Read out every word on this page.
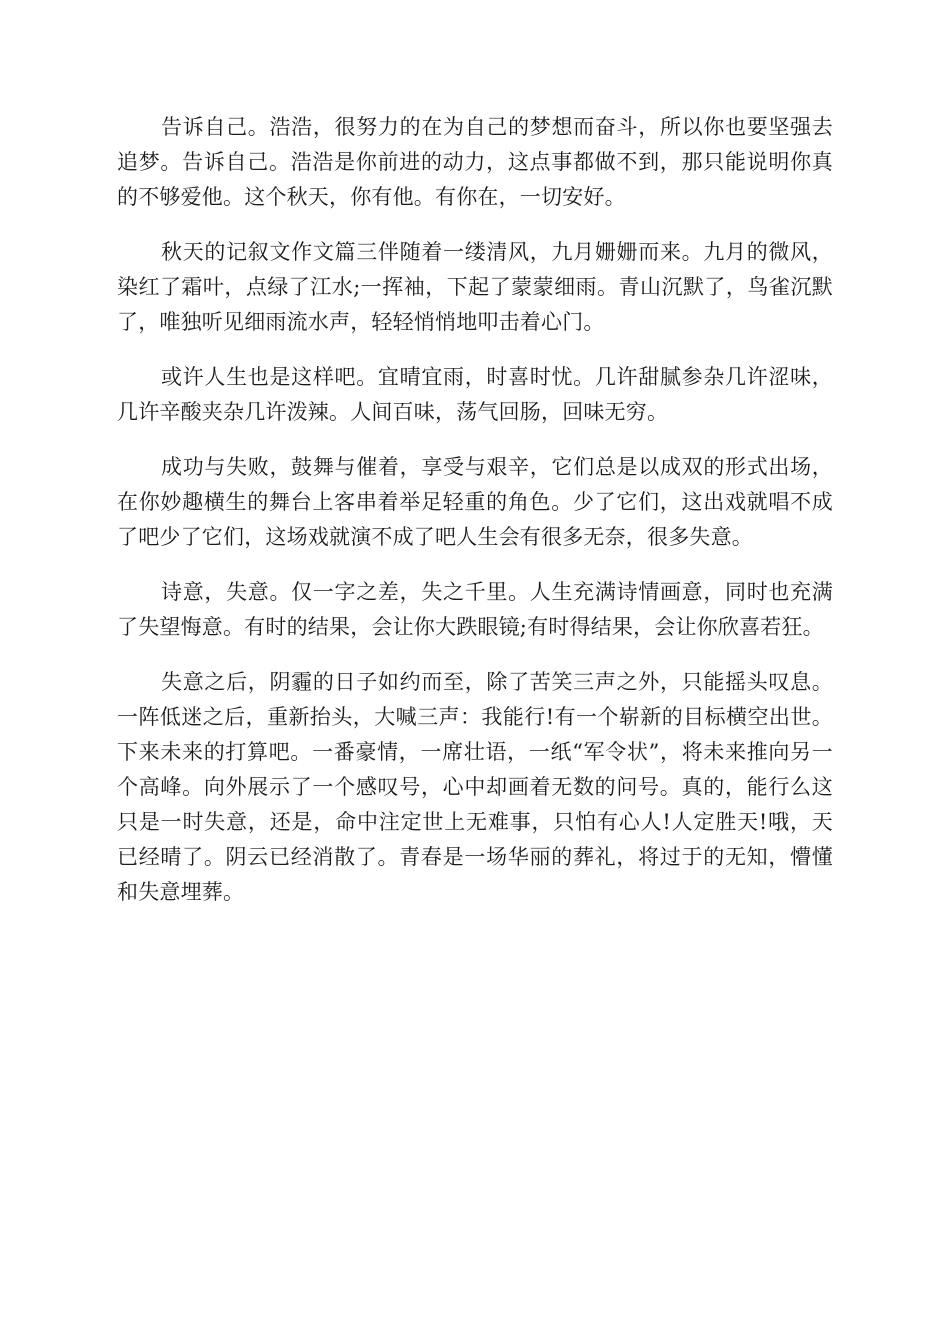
告诉自己。浩浩，很努力的在为自己的梦想而奋斗，所以你也要坚强去追梦。告诉自己。浩浩是你前进的动力，这点事都做不到，那只能说明你真的不够爱他。这个秋天，你有他。有你在，一切安好。

秋天的记叙文作文篇三伴随着一缕清风，九月姗姗而来。九月的微风，染红了霜叶，点绿了江水;一挥袖，下起了蒙蒙细雨。青山沉默了，鸟雀沉默了，唯独听见细雨流水声，轻轻悄悄地叩击着心门。

或许人生也是这样吧。宜晴宜雨，时喜时忧。几许甜腻参杂几许涩味，几许辛酸夹杂几许泼辣。人间百味，荡气回肠，回味无穷。

成功与失败，鼓舞与催着，享受与艰辛，它们总是以成双的形式出场，在你妙趣横生的舞台上客串着举足轻重的角色。少了它们，这出戏就唱不成了吧少了它们，这场戏就演不成了吧人生会有很多无奈，很多失意。

诗意，失意。仅一字之差，失之千里。人生充满诗情画意，同时也充满了失望悔意。有时的结果，会让你大跌眼镜;有时得结果，会让你欣喜若狂。

失意之后，阴霾的日子如约而至，除了苦笑三声之外，只能摇头叹息。一阵低迷之后，重新抬头，大喊三声：我能行!有一个崭新的目标横空出世。下来未来的打算吧。一番豪情，一席壮语，一纸“军令状”，将未来推向另一个高峰。向外展示了一个感叹号，心中却画着无数的问号。真的，能行么这只是一时失意，还是，命中注定世上无难事，只怕有心人!人定胜天!哦，天已经晴了。阴云已经消散了。青春是一场华丽的葬礼，将过于的无知，懵懂和失意埋葬。
